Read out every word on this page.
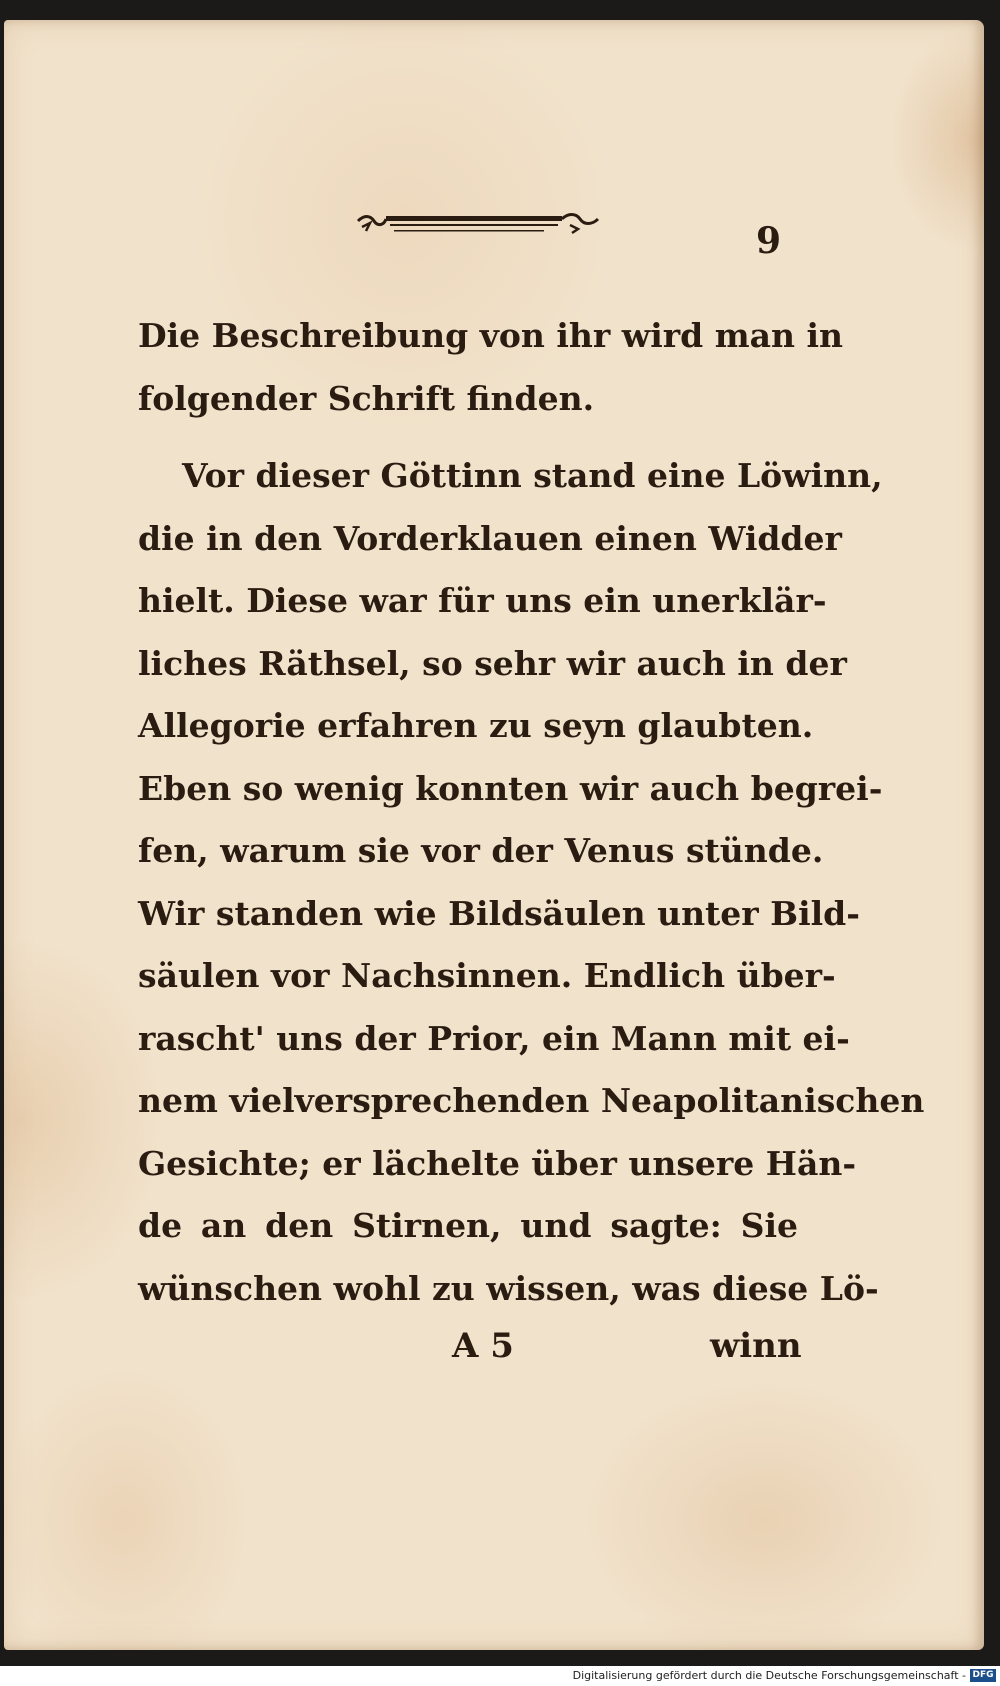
9
Die Beschreibung von ihr wird man in
folgender Schrift finden.
Vor dieser Göttinn stand eine Löwinn,
die in den Vorderklauen einen Widder
hielt. Diese war für uns ein unerklär-
liches Räthsel, so sehr wir auch in der
Allegorie erfahren zu seyn glaubten.
Eben so wenig konnten wir auch begrei-
fen, warum sie vor der Venus stünde.
Wir standen wie Bildsäulen unter Bild-
säulen vor Nachsinnen. Endlich über-
rascht' uns der Prior, ein Mann mit ei-
nem vielversprechenden Neapolitanischen
Gesichte; er lächelte über unsere Hän-
de an den Stirnen, und sagte: Sie
wünschen wohl zu wissen, was diese Lö-
A 5	winn
Digitalisierung gefördert durch die Deutsche Forschungsgemeinschaft - DFG
